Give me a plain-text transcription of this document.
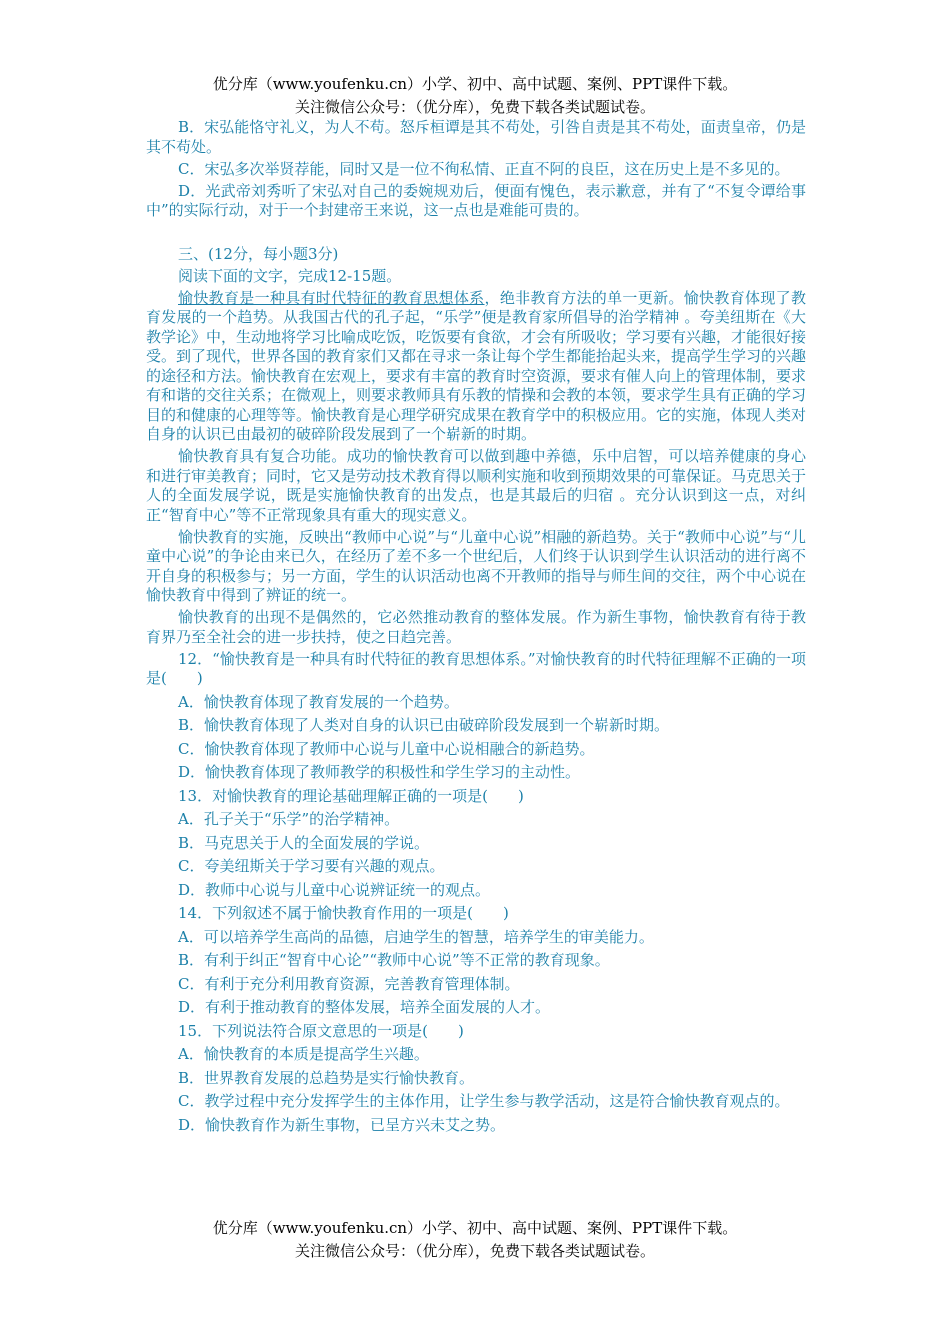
优分库（www.youfenku.cn）小学、初中、高中试题、案例、PPT课件下载。
关注微信公众号：（优分库），免费下载各类试题试卷。

B．宋弘能恪守礼义，为人不苟。怒斥桓谭是其不苟处，引咎自责是其不苟处，面责皇帝，仍是其不苟处。

C．宋弘多次举贤荐能，同时又是一位不徇私情、正直不阿的良臣，这在历史上是不多见的。

D．光武帝刘秀听了宋弘对自己的委婉规劝后，便面有愧色，表示歉意，并有了“不复令谭给事中”的实际行动，对于一个封建帝王来说，这一点也是难能可贵的。

三、(12分，每小题3分)

阅读下面的文字，完成12-15题。

愉快教育是一种具有时代特征的教育思想体系，绝非教育方法的单一更新。愉快教育体现了教育发展的一个趋势。从我国古代的孔子起，“乐学”便是教育家所倡导的治学精神 。夸美纽斯在《大教学论》中，生动地将学习比喻成吃饭，吃饭要有食欲，才会有所吸收；学习要有兴趣，才能很好接受。到了现代，世界各国的教育家们又都在寻求一条让每个学生都能抬起头来，提高学生学习的兴趣的途径和方法。愉快教育在宏观上，要求有丰富的教育时空资源，要求有催人向上的管理体制，要求有和谐的交往关系；在微观上，则要求教师具有乐教的情操和会教的本领，要求学生具有正确的学习目的和健康的心理等等。愉快教育是心理学研究成果在教育学中的积极应用。它的实施，体现人类对自身的认识已由最初的破碎阶段发展到了一个崭新的时期。

愉快教育具有复合功能。成功的愉快教育可以做到趣中养德，乐中启智，可以培养健康的身心和进行审美教育；同时，它又是劳动技术教育得以顺利实施和收到预期效果的可靠保证。马克思关于人的全面发展学说，既是实施愉快教育的出发点，也是其最后的归宿 。充分认识到这一点，对纠正“智育中心”等不正常现象具有重大的现实意义。

愉快教育的实施，反映出“教师中心说”与“儿童中心说”相融的新趋势。关于“教师中心说”与“儿童中心说”的争论由来已久，在经历了差不多一个世纪后，人们终于认识到学生认识活动的进行离不开自身的积极参与；另一方面，学生的认识活动也离不开教师的指导与师生间的交往，两个中心说在愉快教育中得到了辨证的统一。

愉快教育的出现不是偶然的，它必然推动教育的整体发展。作为新生事物，愉快教育有待于教育界乃至全社会的进一步扶持，使之日趋完善。

12．“愉快教育是一种具有时代特征的教育思想体系。”对愉快教育的时代特征理解不正确的一项是(　　)

A．愉快教育体现了教育发展的一个趋势。

B．愉快教育体现了人类对自身的认识已由破碎阶段发展到一个崭新时期。

C．愉快教育体现了教师中心说与儿童中心说相融合的新趋势。

D．愉快教育体现了教师教学的积极性和学生学习的主动性。

13．对愉快教育的理论基础理解正确的一项是(　　)

A．孔子关于“乐学”的治学精神。

B．马克思关于人的全面发展的学说。

C．夸美纽斯关于学习要有兴趣的观点。

D．教师中心说与儿童中心说辨证统一的观点。

14．下列叙述不属于愉快教育作用的一项是(　　)

A．可以培养学生高尚的品德，启迪学生的智慧，培养学生的审美能力。

B．有利于纠正“智育中心论”“教师中心说”等不正常的教育现象。

C．有利于充分利用教育资源，完善教育管理体制。

D．有利于推动教育的整体发展，培养全面发展的人才。

15．下列说法符合原文意思的一项是(　　)

A．愉快教育的本质是提高学生兴趣。

B．世界教育发展的总趋势是实行愉快教育。

C．教学过程中充分发挥学生的主体作用，让学生参与教学活动，这是符合愉快教育观点的。

D．愉快教育作为新生事物，已呈方兴未艾之势。

优分库（www.youfenku.cn）小学、初中、高中试题、案例、PPT课件下载。
关注微信公众号：（优分库），免费下载各类试题试卷。
